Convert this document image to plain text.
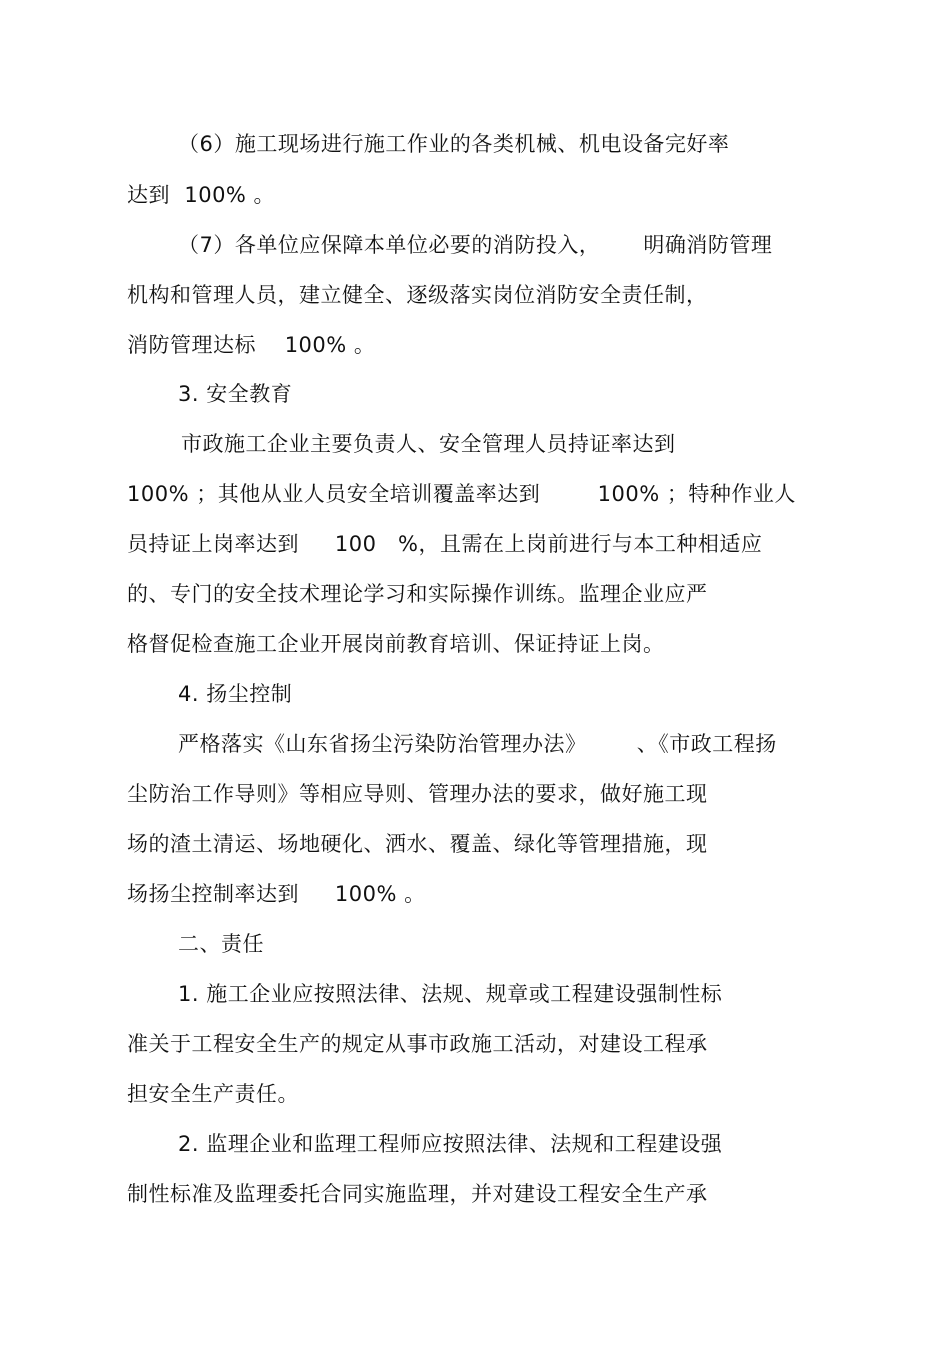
（6）施工现场进行施工作业的各类机械、机电设备完好率
达到  100% 。
（7）各单位应保障本单位必要的消防投入，      明确消防管理
机构和管理人员，建立健全、逐级落实岗位消防安全责任制，
消防管理达标    100% 。
3. 安全教育
市政施工企业主要负责人、安全管理人员持证率达到
100% ；其他从业人员安全培训覆盖率达到        100% ；特种作业人
员持证上岗率达到     100   %，且需在上岗前进行与本工种相适应
的、专门的安全技术理论学习和实际操作训练。监理企业应严
格督促检查施工企业开展岗前教育培训、保证持证上岗。
4. 扬尘控制
严格落实《山东省扬尘污染防治管理办法》       、《市政工程扬
尘防治工作导则》等相应导则、管理办法的要求，做好施工现
场的渣土清运、场地硬化、洒水、覆盖、绿化等管理措施，现
场扬尘控制率达到     100% 。
二、责任
1. 施工企业应按照法律、法规、规章或工程建设强制性标
准关于工程安全生产的规定从事市政施工活动，对建设工程承
担安全生产责任。
2. 监理企业和监理工程师应按照法律、法规和工程建设强
制性标准及监理委托合同实施监理，并对建设工程安全生产承
